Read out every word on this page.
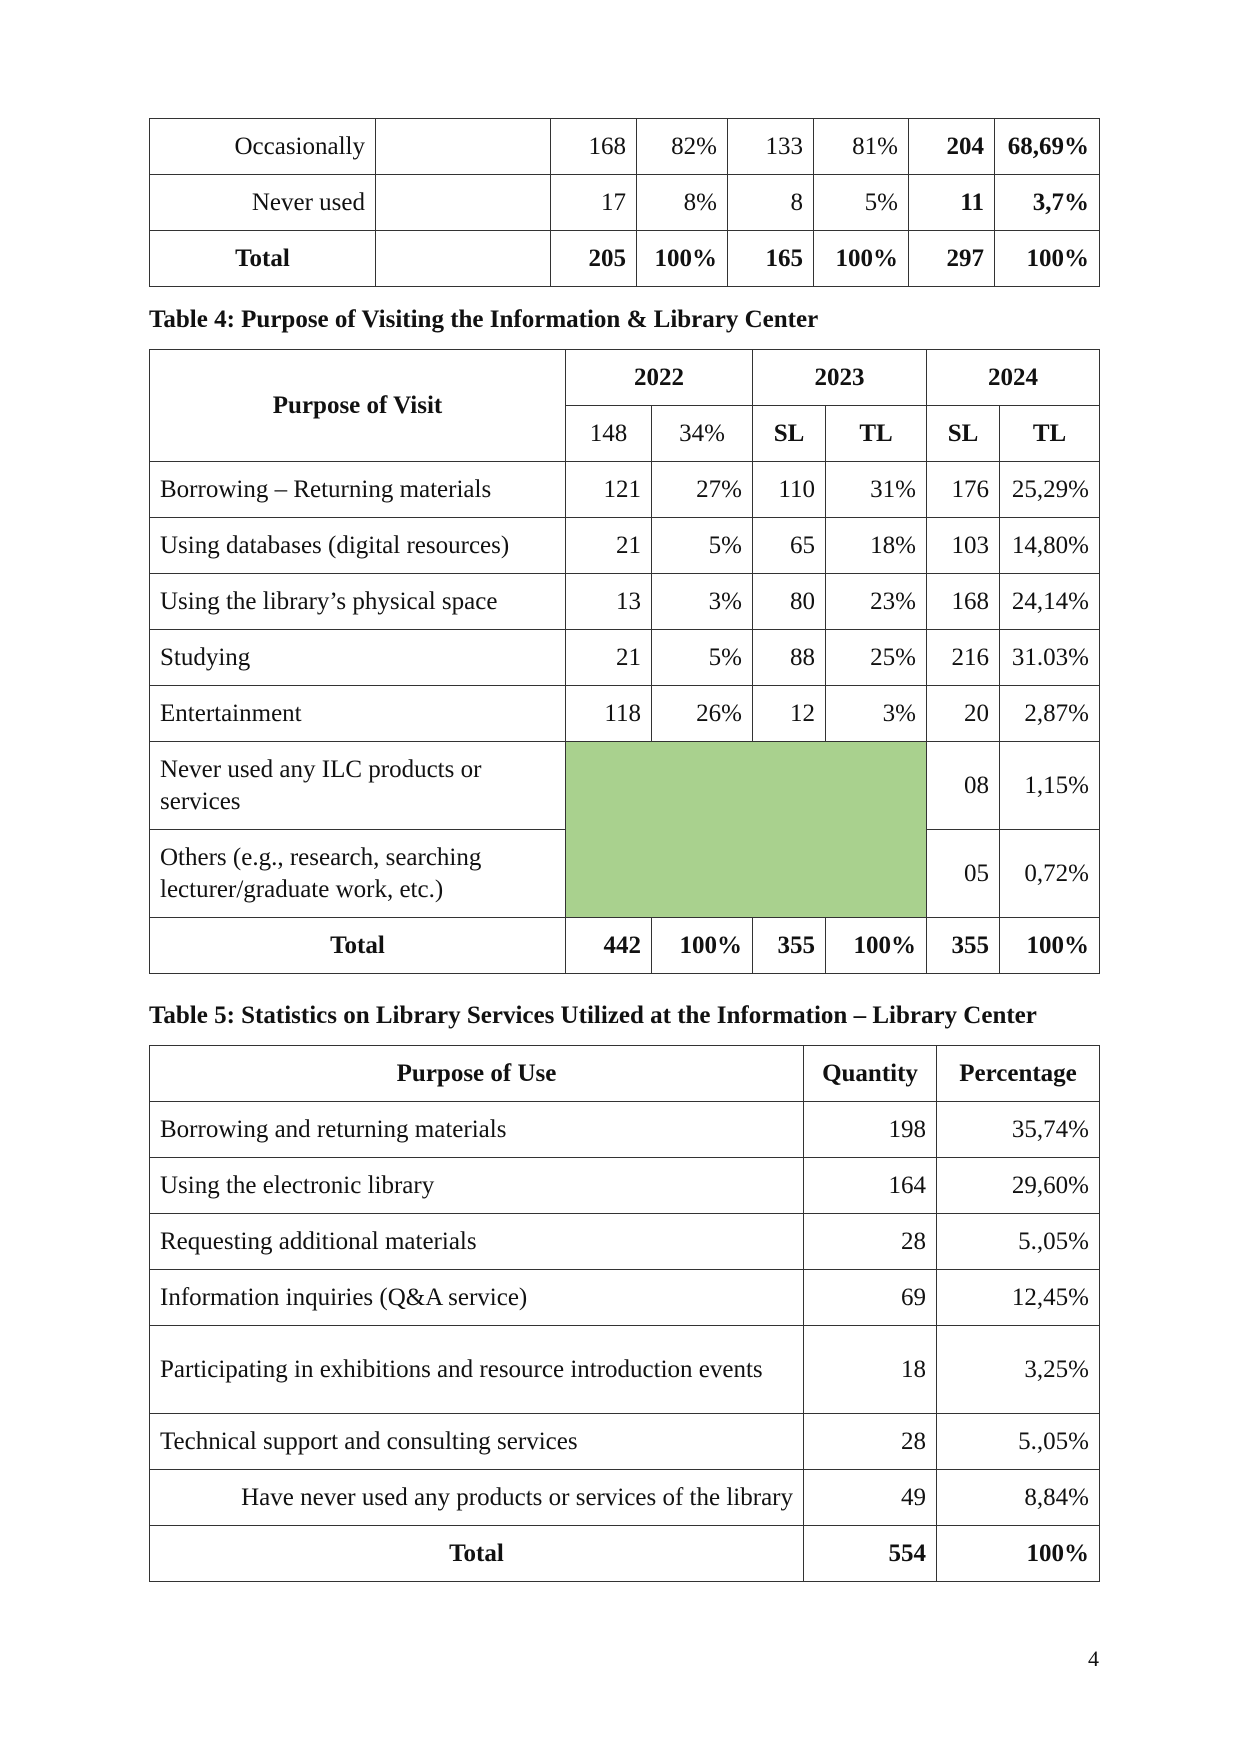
Occasionally		168	82%	133	81%	204	68,69%
Never used		17	8%	8	5%	11	3,7%
Total		205	100%	165	100%	297	100%
Table 4: Purpose of Visiting the Information & Library Center
Purpose of Visit	2022		2023		2024	
	148	34%	SL	TL	SL	TL
Borrowing – Returning materials	121	27%	110	31%	176	25,29%
Using databases (digital resources)	21	5%	65	18%	103	14,80%
Using the library’s physical space	13	3%	80	23%	168	24,14%
Studying	21	5%	88	25%	216	31.03%
Entertainment	118	26%	12	3%	20	2,87%
Never used any ILC products or services					08	1,15%
Others (e.g., research, searching lecturer/graduate work, etc.)					05	0,72%
Total	442	100%	355	100%	355	100%
Table 5: Statistics on Library Services Utilized at the Information – Library Center
Purpose of Use	Quantity	Percentage
Borrowing and returning materials	198	35,74%
Using the electronic library	164	29,60%
Requesting additional materials	28	5.,05%
Information inquiries (Q&A service)	69	12,45%
Participating in exhibitions and resource introduction events	18	3,25%
Technical support and consulting services	28	5.,05%
Have never used any products or services of the library	49	8,84%
Total	554	100%
4
